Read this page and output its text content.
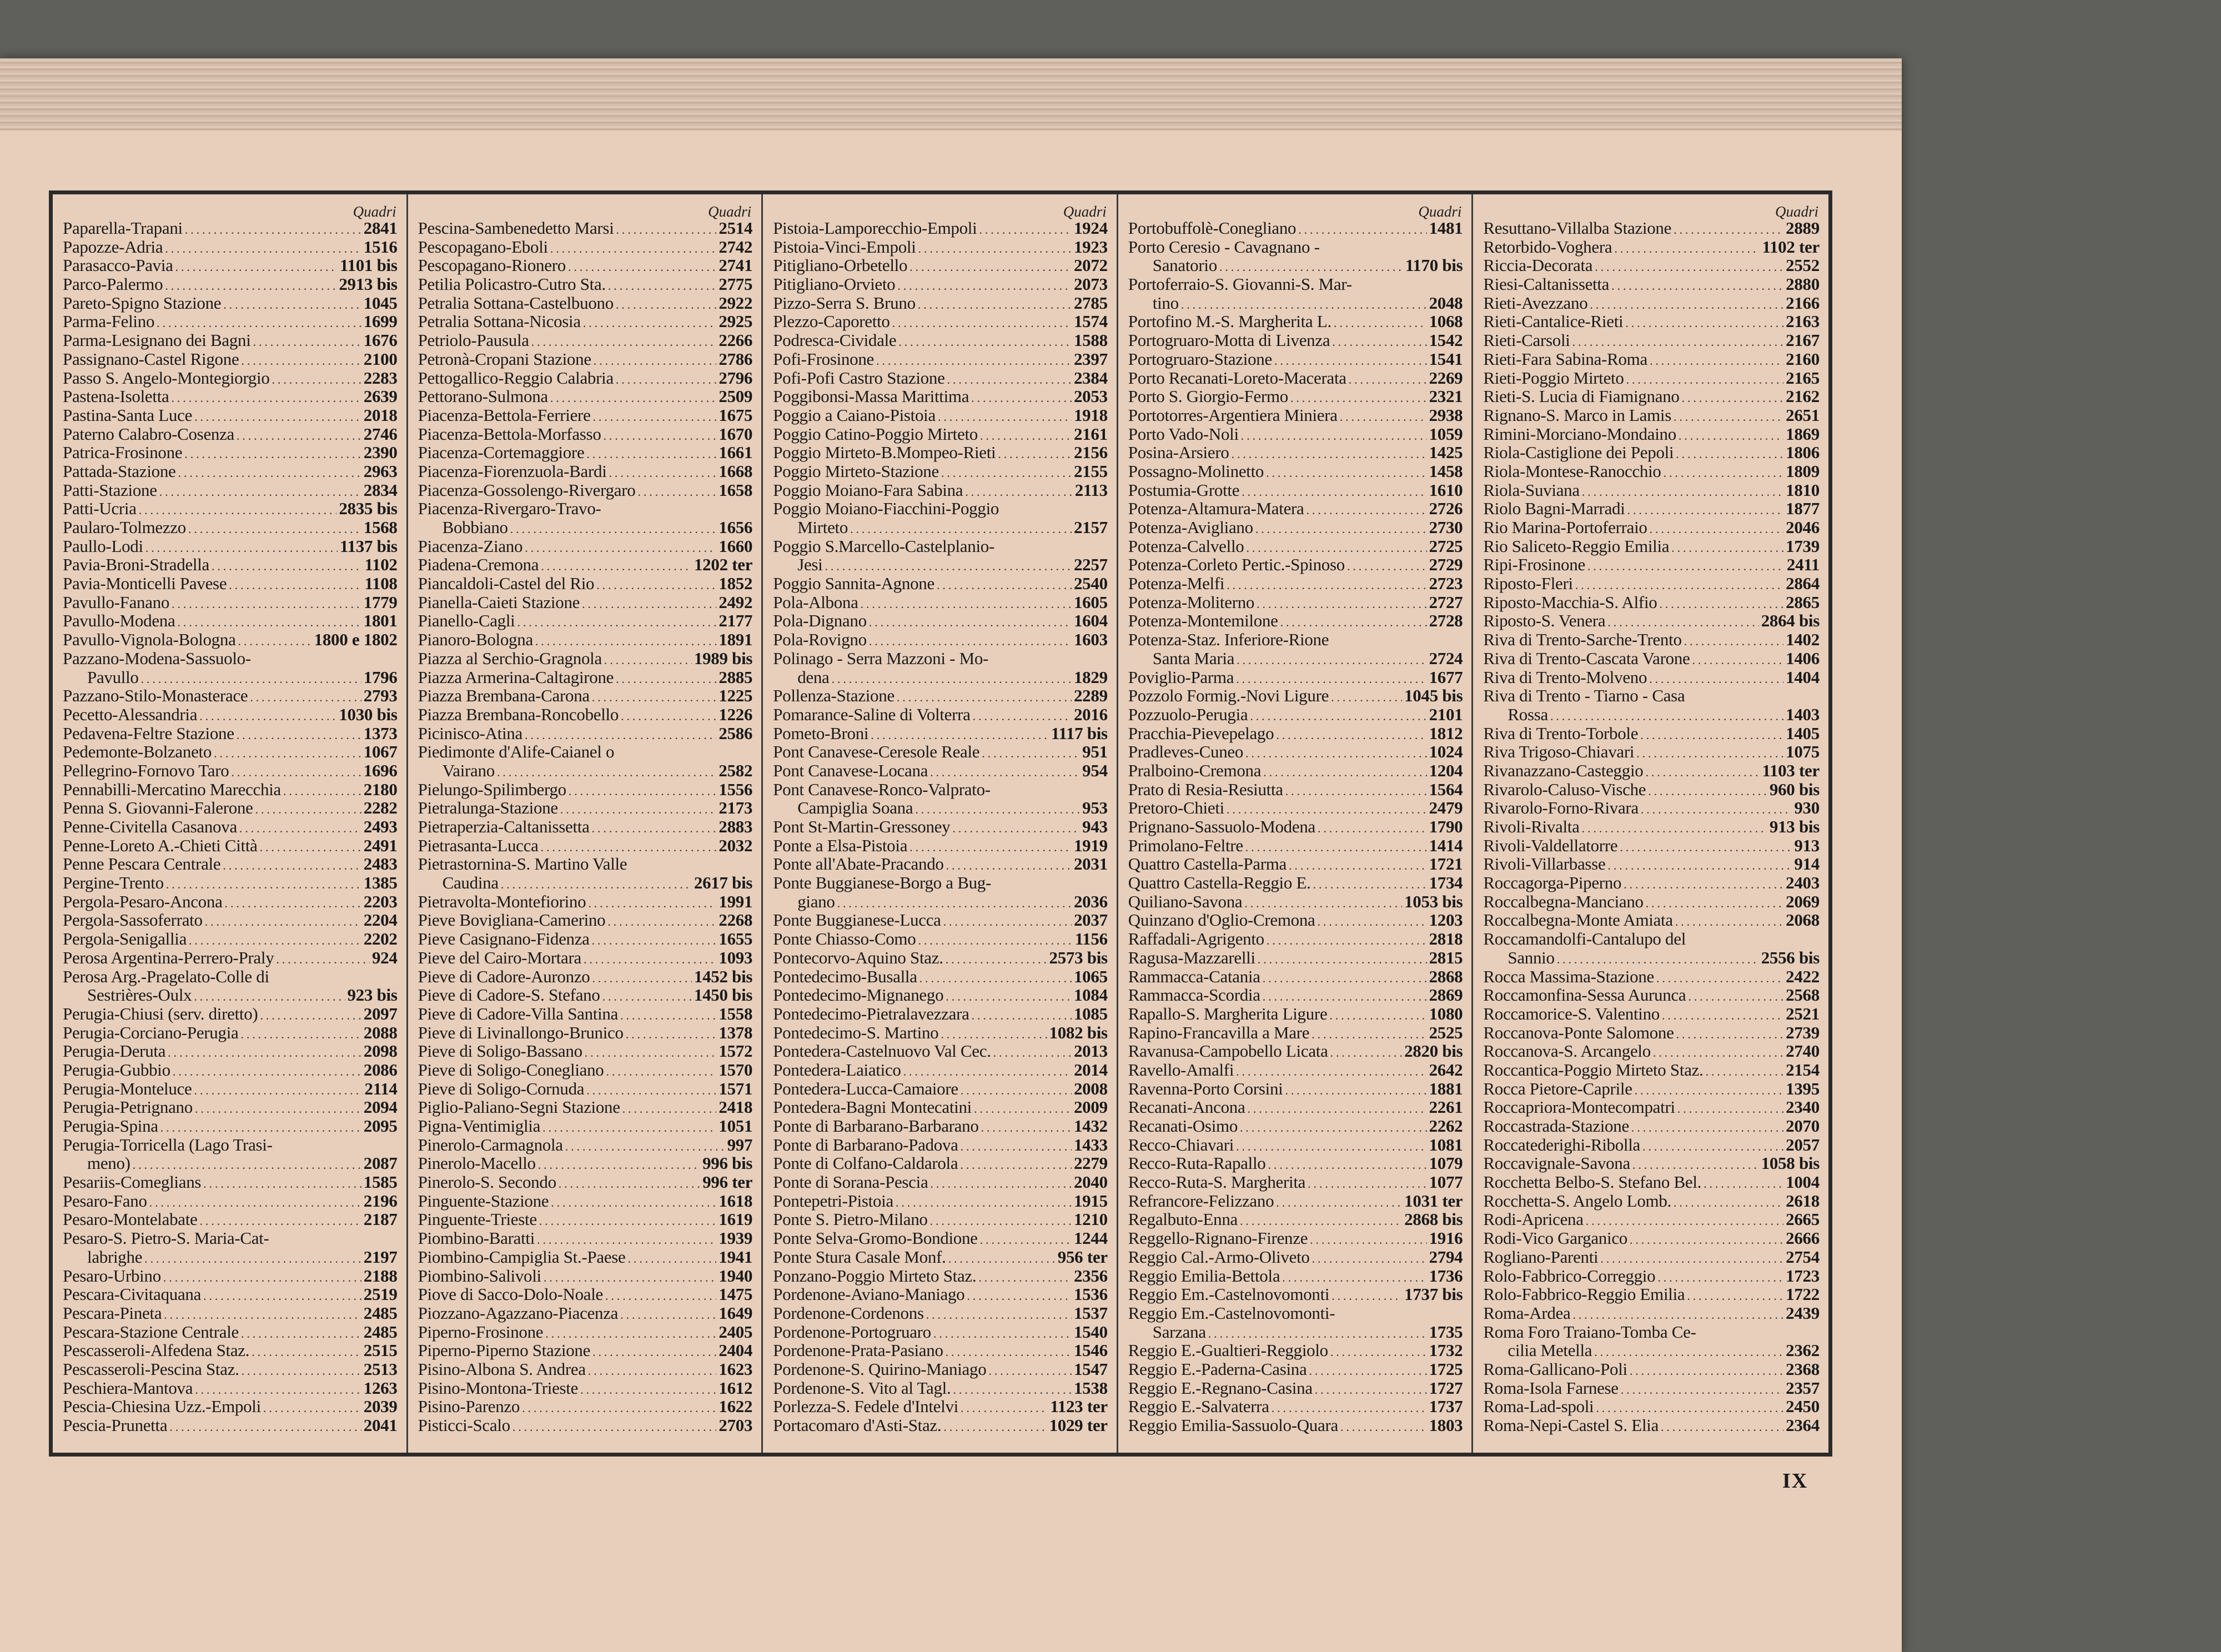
Quadri
Paparella-Trapani . . .	2841
Papozze-Adria . . .	1516
Parasacco-Pavia . . .	1101 bis
Parco-Palermo . . .	2913 bis
Pareto-Spigno Stazione . . .	1045
Parma-Felino . . .	1699
Parma-Lesignano dei Bagni . . .	1676
Passignano-Castel Rigone . . .	2100
Passo S. Angelo-Montegiorgio . . .	2283
Pastena-Isoletta . . .	2639
Pastina-Santa Luce . . .	2018
Paterno Calabro-Cosenza . . .	2746
Patrica-Frosinone . . .	2390
Pattada-Stazione . . .	2963
Patti-Stazione . . .	2834
Patti-Ucria . . .	2835 bis
Paularo-Tolmezzo . . .	1568
Paullo-Lodi . . .	1137 bis
Pavia-Broni-Stradella . . .	1102
Pavia-Monticelli Pavese . . .	1108
Pavullo-Fanano . . .	1779
Pavullo-Modena . . .	1801
Pavullo-Vignola-Bologna . . .	1800 e 1802
Pazzano-Modena-Sassuolo-
Pavullo . . .	1796
Pazzano-Stilo-Monasterace . . .	2793
Pecetto-Alessandria . . .	1030 bis
Pedavena-Feltre Stazione . . .	1373
Pedemonte-Bolzaneto . . .	1067
Pellegrino-Fornovo Taro . . .	1696
Pennabilli-Mercatino Marecchia . . .	2180
Penna S. Giovanni-Falerone . . .	2282
Penne-Civitella Casanova . . .	2493
Penne-Loreto A.-Chieti Città . . .	2491
Penne Pescara Centrale . . .	2483
Pergine-Trento . . .	1385
Pergola-Pesaro-Ancona . . .	2203
Pergola-Sassoferrato . . .	2204
Pergola-Senigallia . . .	2202
Perosa Argentina-Perrero-Praly . . .	924
Perosa Arg.-Pragelato-Colle di
Sestrières-Oulx . . .	923 bis
Perugia-Chiusi (serv. diretto) . . .	2097
Perugia-Corciano-Perugia . . .	2088
Perugia-Deruta . . .	2098
Perugia-Gubbio . . .	2086
Perugia-Monteluce . . .	2114
Perugia-Petrignano . . .	2094
Perugia-Spina . . .	2095
Perugia-Torricella (Lago Trasi-
meno) . . .	2087
Pesariis-Comeglians . . .	1585
Pesaro-Fano . . .	2196
Pesaro-Montelabate . . .	2187
Pesaro-S. Pietro-S. Maria-Cat-
labrighe . . .	2197
Pesaro-Urbino . . .	2188
Pescara-Civitaquana . . .	2519
Pescara-Pineta . . .	2485
Pescara-Stazione Centrale . . .	2485
Pescasseroli-Alfedena Staz. . . .	2515
Pescasseroli-Pescina Staz. . . .	2513
Peschiera-Mantova . . .	1263
Pescia-Chiesina Uzz.-Empoli . . .	2039
Pescia-Prunetta . . .	2041
Quadri
Pescina-Sambenedetto Marsi . . .	2514
Pescopagano-Eboli . . .	2742
Pescopagano-Rionero . . .	2741
Petilia Policastro-Cutro Sta. . . .	2775
Petralia Sottana-Castelbuono . . .	2922
Petralia Sottana-Nicosia . . .	2925
Petriolo-Pausula . . .	2266
Petronà-Cropani Stazione . . .	2786
Pettogallico-Reggio Calabria . . .	2796
Pettorano-Sulmona . . .	2509
Piacenza-Bettola-Ferriere . . .	1675
Piacenza-Bettola-Morfasso . . .	1670
Piacenza-Cortemaggiore . . .	1661
Piacenza-Fiorenzuola-Bardi . . .	1668
Piacenza-Gossolengo-Rivergaro . . .	1658
Piacenza-Rivergaro-Travo-
Bobbiano . . .	1656
Piacenza-Ziano . . .	1660
Piadena-Cremona . . .	1202 ter
Piancaldoli-Castel del Rio . . .	1852
Pianella-Caieti Stazione . . .	2492
Pianello-Cagli . . .	2177
Pianoro-Bologna . . .	1891
Piazza al Serchio-Gragnola . . .	1989 bis
Piazza Armerina-Caltagirone . . .	2885
Piazza Brembana-Carona . . .	1225
Piazza Brembana-Roncobello . . .	1226
Picinisco-Atina . . .	2586
Piedimonte d'Alife-Caianel o
Vairano . . .	2582
Pielungo-Spilimbergo . . .	1556
Pietralunga-Stazione . . .	2173
Pietraperzia-Caltanissetta . . .	2883
Pietrasanta-Lucca . . .	2032
Pietrastornina-S. Martino Valle
Caudina . . .	2617 bis
Pietravolta-Montefiorino . . .	1991
Pieve Bovigliana-Camerino . . .	2268
Pieve Casignano-Fidenza . . .	1655
Pieve del Cairo-Mortara . . .	1093
Pieve di Cadore-Auronzo . . .	1452 bis
Pieve di Cadore-S. Stefano . . .	1450 bis
Pieve di Cadore-Villa Santina . . .	1558
Pieve di Livinallongo-Brunico . . .	1378
Pieve di Soligo-Bassano . . .	1572
Pieve di Soligo-Conegliano . . .	1570
Pieve di Soligo-Cornuda . . .	1571
Piglio-Paliano-Segni Stazione . . .	2418
Pigna-Ventimiglia . . .	1051
Pinerolo-Carmagnola . . .	997
Pinerolo-Macello . . .	996 bis
Pinerolo-S. Secondo . . .	996 ter
Pinguente-Stazione . . .	1618
Pinguente-Trieste . . .	1619
Piombino-Baratti . . .	1939
Piombino-Campiglia St.-Paese . . .	1941
Piombino-Salivoli . . .	1940
Piove di Sacco-Dolo-Noale . . .	1475
Piozzano-Agazzano-Piacenza . . .	1649
Piperno-Frosinone . . .	2405
Piperno-Piperno Stazione . . .	2404
Pisino-Albona S. Andrea . . .	1623
Pisino-Montona-Trieste . . .	1612
Pisino-Parenzo . . .	1622
Pisticci-Scalo . . .	2703
Quadri
Pistoia-Lamporecchio-Empoli . . .	1924
Pistoia-Vinci-Empoli . . .	1923
Pitigliano-Orbetello . . .	2072
Pitigliano-Orvieto . . .	2073
Pizzo-Serra S. Bruno . . .	2785
Plezzo-Caporetto . . .	1574
Podresca-Cividale . . .	1588
Pofi-Frosinone . . .	2397
Pofi-Pofi Castro Stazione . . .	2384
Poggibonsi-Massa Marittima . . .	2053
Poggio a Caiano-Pistoia . . .	1918
Poggio Catino-Poggio Mirteto . . .	2161
Poggio Mirteto-B.Mompeo-Rieti . . .	2156
Poggio Mirteto-Stazione . . .	2155
Poggio Moiano-Fara Sabina . . .	2113
Poggio Moiano-Fiacchini-Poggio
Mirteto . . .	2157
Poggio S.Marcello-Castelplanio-
Jesi . . .	2257
Poggio Sannita-Agnone . . .	2540
Pola-Albona . . .	1605
Pola-Dignano . . .	1604
Pola-Rovigno . . .	1603
Polinago - Serra Mazzoni - Mo-
dena . . .	1829
Pollenza-Stazione . . .	2289
Pomarance-Saline di Volterra . . .	2016
Pometo-Broni . . .	1117 bis
Pont Canavese-Ceresole Reale . . .	951
Pont Canavese-Locana . . .	954
Pont Canavese-Ronco-Valprato-
Campiglia Soana . . .	953
Pont St-Martin-Gressoney . . .	943
Ponte a Elsa-Pistoia . . .	1919
Ponte all'Abate-Pracando . . .	2031
Ponte Buggianese-Borgo a Bug-
giano . . .	2036
Ponte Buggianese-Lucca . . .	2037
Ponte Chiasso-Como . . .	1156
Pontecorvo-Aquino Staz. . . .	2573 bis
Pontedecimo-Busalla . . .	1065
Pontedecimo-Mignanego . . .	1084
Pontedecimo-Pietralavezzara . . .	1085
Pontedecimo-S. Martino . . .	1082 bis
Pontedera-Castelnuovo Val Cec. . . .	2013
Pontedera-Laiatico . . .	2014
Pontedera-Lucca-Camaiore . . .	2008
Pontedera-Bagni Montecatini . . .	2009
Ponte di Barbarano-Barbarano . . .	1432
Ponte di Barbarano-Padova . . .	1433
Ponte di Colfano-Caldarola . . .	2279
Ponte di Sorana-Pescia . . .	2040
Pontepetri-Pistoia . . .	1915
Ponte S. Pietro-Milano . . .	1210
Ponte Selva-Gromo-Bondione . . .	1244
Ponte Stura Casale Monf. . . .	956 ter
Ponzano-Poggio Mirteto Staz. . . .	2356
Pordenone-Aviano-Maniago . . .	1536
Pordenone-Cordenons . . .	1537
Pordenone-Portogruaro . . .	1540
Pordenone-Prata-Pasiano . . .	1546
Pordenone-S. Quirino-Maniago . . .	1547
Pordenone-S. Vito al Tagl. . . .	1538
Porlezza-S. Fedele d'Intelvi . . .	1123 ter
Portacomaro d'Asti-Staz. . . .	1029 ter
Quadri
Portobuffolè-Conegliano . . .	1481
Porto Ceresio - Cavagnano -
Sanatorio . . .	1170 bis
Portoferraio-S. Giovanni-S. Mar-
tino . . .	2048
Portofino M.-S. Margherita L. . . .	1068
Portogruaro-Motta di Livenza . . .	1542
Portogruaro-Stazione . . .	1541
Porto Recanati-Loreto-Macerata . . .	2269
Porto S. Giorgio-Fermo . . .	2321
Portotorres-Argentiera Miniera . . .	2938
Porto Vado-Noli . . .	1059
Posina-Arsiero . . .	1425
Possagno-Molinetto . . .	1458
Postumia-Grotte . . .	1610
Potenza-Altamura-Matera . . .	2726
Potenza-Avigliano . . .	2730
Potenza-Calvello . . .	2725
Potenza-Corleto Pertic.-Spinoso . . .	2729
Potenza-Melfi . . .	2723
Potenza-Moliterno . . .	2727
Potenza-Montemilone . . .	2728
Potenza-Staz. Inferiore-Rione
Santa Maria . . .	2724
Poviglio-Parma . . .	1677
Pozzolo Formig.-Novi Ligure . . .	1045 bis
Pozzuolo-Perugia . . .	2101
Pracchia-Pievepelago . . .	1812
Pradleves-Cuneo . . .	1024
Pralboino-Cremona . . .	1204
Prato di Resia-Resiutta . . .	1564
Pretoro-Chieti . . .	2479
Prignano-Sassuolo-Modena . . .	1790
Primolano-Feltre . . .	1414
Quattro Castella-Parma . . .	1721
Quattro Castella-Reggio E. . . .	1734
Quiliano-Savona . . .	1053 bis
Quinzano d'Oglio-Cremona . . .	1203
Raffadali-Agrigento . . .	2818
Ragusa-Mazzarelli . . .	2815
Rammacca-Catania . . .	2868
Rammacca-Scordia . . .	2869
Rapallo-S. Margherita Ligure . . .	1080
Rapino-Francavilla a Mare . . .	2525
Ravanusa-Campobello Licata . . .	2820 bis
Ravello-Amalfi . . .	2642
Ravenna-Porto Corsini . . .	1881
Recanati-Ancona . . .	2261
Recanati-Osimo . . .	2262
Recco-Chiavari . . .	1081
Recco-Ruta-Rapallo . . .	1079
Recco-Ruta-S. Margherita . . .	1077
Refrancore-Felizzano . . .	1031 ter
Regalbuto-Enna . . .	2868 bis
Reggello-Rignano-Firenze . . .	1916
Reggio Cal.-Armo-Oliveto . . .	2794
Reggio Emilia-Bettola . . .	1736
Reggio Em.-Castelnovomonti . . .	1737 bis
Reggio Em.-Castelnovomonti-
Sarzana . . .	1735
Reggio E.-Gualtieri-Reggiolo . . .	1732
Reggio E.-Paderna-Casina . . .	1725
Reggio E.-Regnano-Casina . . .	1727
Reggio E.-Salvaterra . . .	1737
Reggio Emilia-Sassuolo-Quara . . .	1803
Quadri
Resuttano-Villalba Stazione . . .	2889
Retorbido-Voghera . . .	1102 ter
Riccia-Decorata . . .	2552
Riesi-Caltanissetta . . .	2880
Rieti-Avezzano . . .	2166
Rieti-Cantalice-Rieti . . .	2163
Rieti-Carsoli . . .	2167
Rieti-Fara Sabina-Roma . . .	2160
Rieti-Poggio Mirteto . . .	2165
Rieti-S. Lucia di Fiamignano . . .	2162
Rignano-S. Marco in Lamis . . .	2651
Rimini-Morciano-Mondaino . . .	1869
Riola-Castiglione dei Pepoli . . .	1806
Riola-Montese-Ranocchio . . .	1809
Riola-Suviana . . .	1810
Riolo Bagni-Marradi . . .	1877
Rio Marina-Portoferraio . . .	2046
Rio Saliceto-Reggio Emilia . . .	1739
Ripi-Frosinone . . .	2411
Riposto-Fleri . . .	2864
Riposto-Macchia-S. Alfio . . .	2865
Riposto-S. Venera . . .	2864 bis
Riva di Trento-Sarche-Trento . . .	1402
Riva di Trento-Cascata Varone . . .	1406
Riva di Trento-Molveno . . .	1404
Riva di Trento - Tiarno - Casa
Rossa . . .	1403
Riva di Trento-Torbole . . .	1405
Riva Trigoso-Chiavari . . .	1075
Rivanazzano-Casteggio . . .	1103 ter
Rivarolo-Caluso-Vische . . .	960 bis
Rivarolo-Forno-Rivara . . .	930
Rivoli-Rivalta . . .	913 bis
Rivoli-Valdellatorre . . .	913
Rivoli-Villarbasse . . .	914
Roccagorga-Piperno . . .	2403
Roccalbegna-Manciano . . .	2069
Roccalbegna-Monte Amiata . . .	2068
Roccamandolfi-Cantalupo del
Sannio . . .	2556 bis
Rocca Massima-Stazione . . .	2422
Roccamonfina-Sessa Aurunca . . .	2568
Roccamorice-S. Valentino . . .	2521
Roccanova-Ponte Salomone . . .	2739
Roccanova-S. Arcangelo . . .	2740
Roccantica-Poggio Mirteto Staz. . . .	2154
Rocca Pietore-Caprile . . .	1395
Roccapriora-Montecompatri . . .	2340
Roccastrada-Stazione . . .	2070
Roccatederighi-Ribolla . . .	2057
Roccavignale-Savona . . .	1058 bis
Rocchetta Belbo-S. Stefano Bel. . . .	1004
Rocchetta-S. Angelo Lomb. . . .	2618
Rodi-Apricena . . .	2665
Rodi-Vico Garganico . . .	2666
Rogliano-Parenti . . .	2754
Rolo-Fabbrico-Correggio . . .	1723
Rolo-Fabbrico-Reggio Emilia . . .	1722
Roma-Ardea . . .	2439
Roma Foro Traiano-Tomba Ce-
cilia Metella . . .	2362
Roma-Gallicano-Poli . . .	2368
Roma-Isola Farnese . . .	2357
Roma-Lad-spoli . . .	2450
Roma-Nepi-Castel S. Elia . . .	2364
IX
